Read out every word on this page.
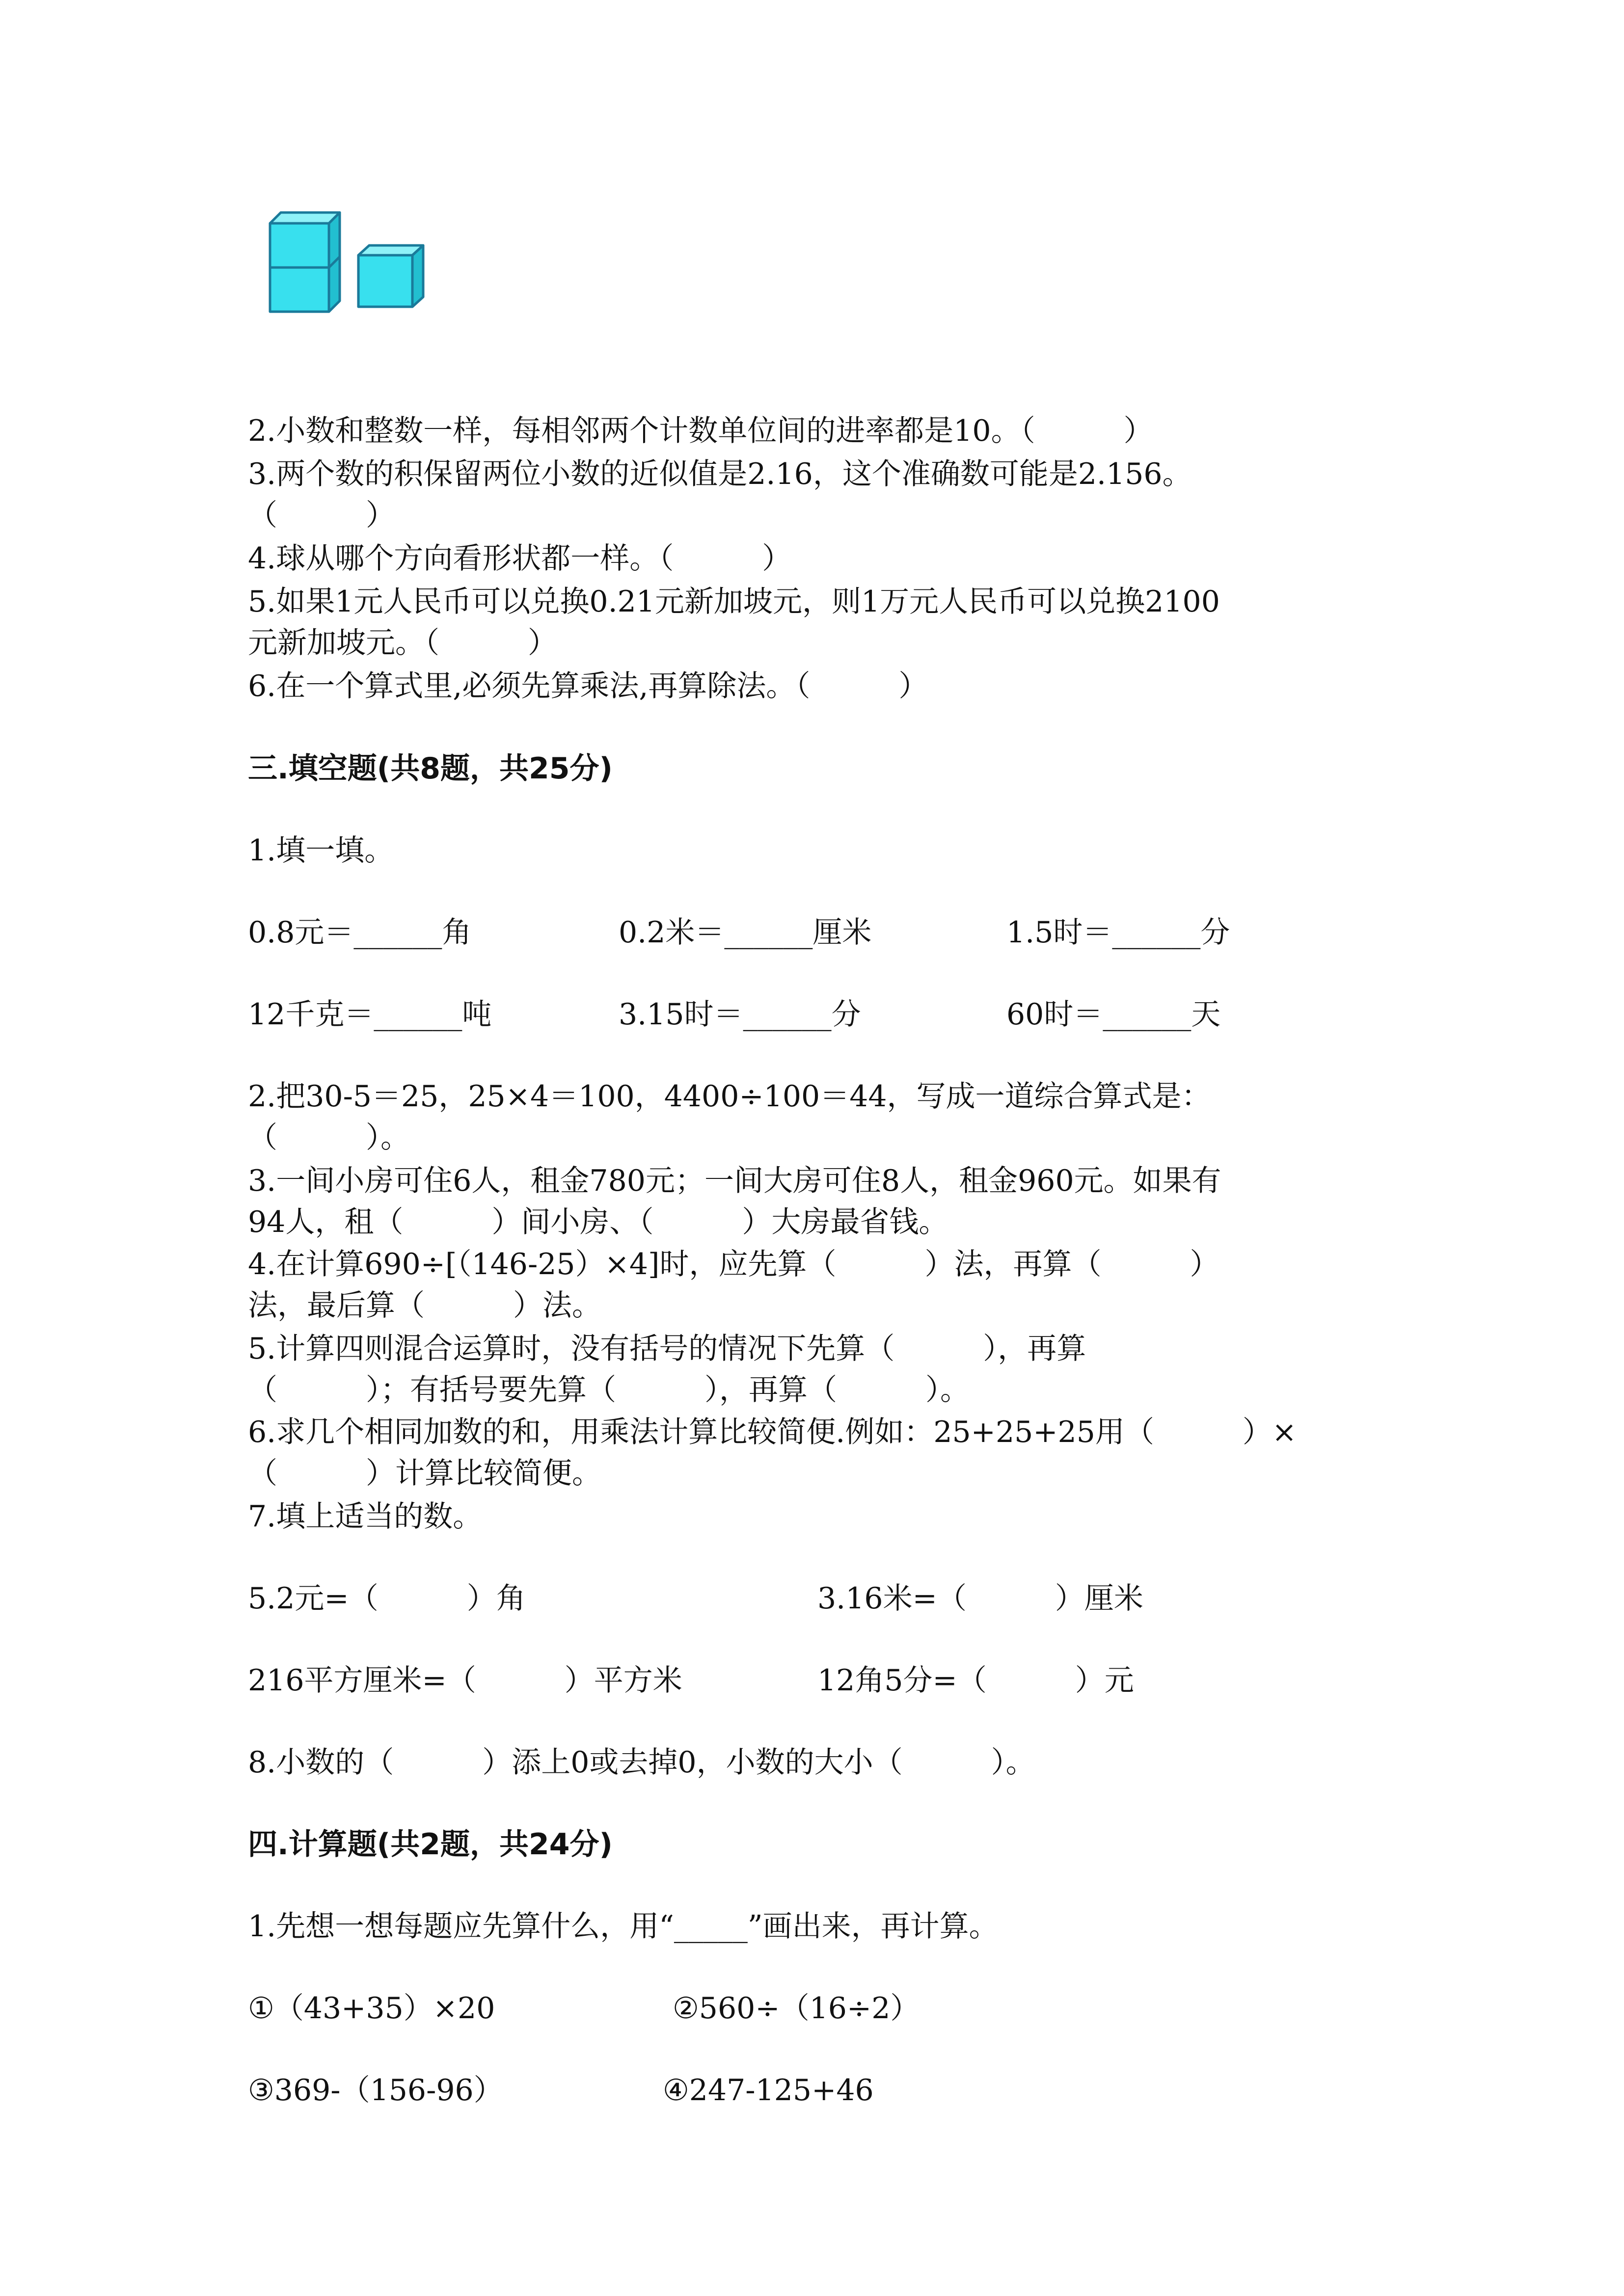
2.小数和整数一样，每相邻两个计数单位间的进率都是10。（　　　）

3.两个数的积保留两位小数的近似值是2.16，这个准确数可能是2.156。

（　　　）

4.球从哪个方向看形状都一样。（　　　）

5.如果1元人民币可以兑换0.21元新加坡元，则1万元人民币可以兑换2100

元新加坡元。（　　　）

6.在一个算式里,必须先算乘法,再算除法。（　　　）

三.填空题(共8题，共25分)

1.填一填。

0.8元＝______角	0.2米＝______厘米	1.5时＝______分

12千克＝______吨	3.15时＝______分	60时＝______天

2.把30-5＝25，25×4＝100，4400÷100＝44，写成一道综合算式是：

（　　　）。

3.一间小房可住6人，租金780元；一间大房可住8人，租金960元。如果有

94人，租（　　　）间小房、（　　　）大房最省钱。

4.在计算690÷[（146-25）×4]时，应先算（　　　）法，再算（　　　）

法，最后算（　　　）法。

5.计算四则混合运算时，没有括号的情况下先算（　　　），再算

（　　　）；有括号要先算（　　　），再算（　　　）。

6.求几个相同加数的和，用乘法计算比较简便.例如：25+25+25用（　　　）×

（　　　）计算比较简便。

7.填上适当的数。

5.2元=（　　　）角	3.16米=（　　　）厘米

216平方厘米=（　　　）平方米	12角5分=（　　　）元

8.小数的（　　　）添上0或去掉0，小数的大小（　　　）。

四.计算题(共2题，共24分)

1.先想一想每题应先算什么，用“_____”画出来，再计算。

①（43+35）×20	②560÷（16÷2）

③369-（156-96）	④247-125+46
